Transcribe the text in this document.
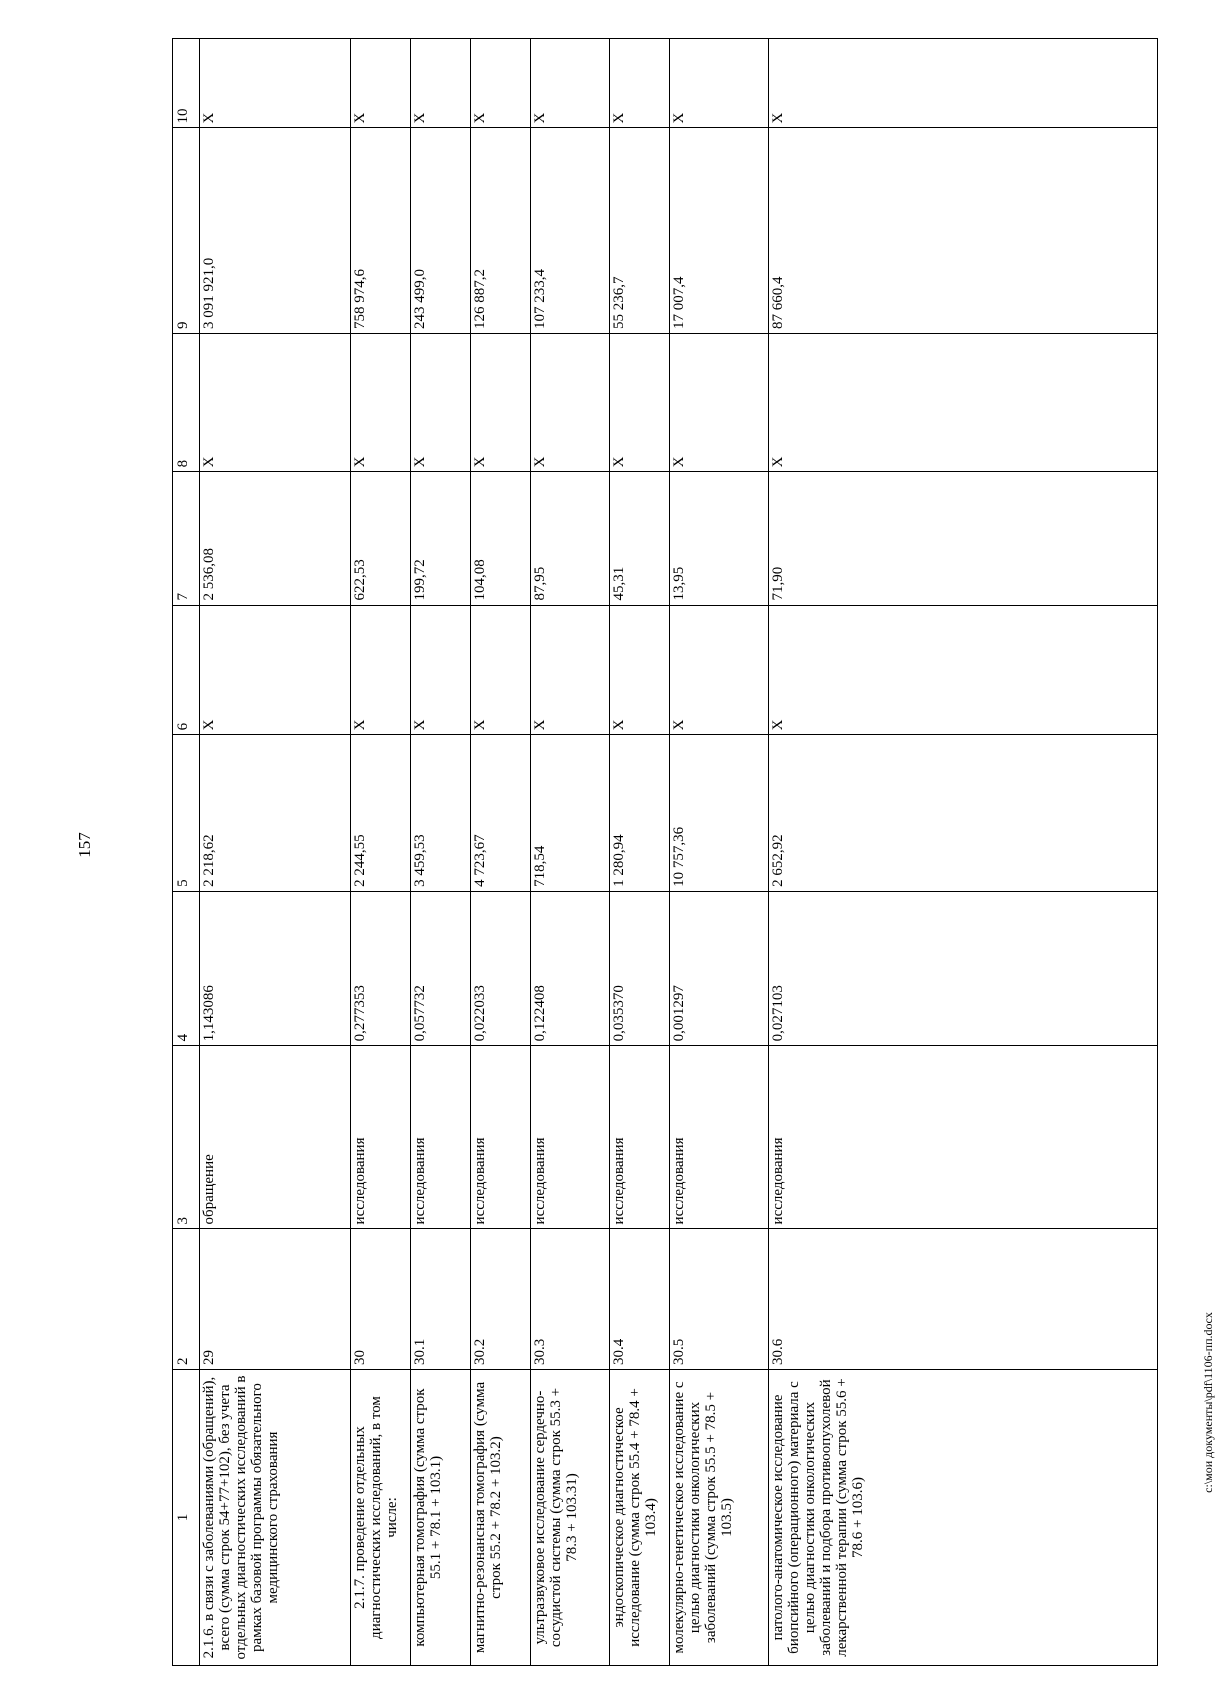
157
1	2	3	4	5	6	7	8	9	10
2.1.6. в связи с заболеваниями (обращений), всего (сумма строк 54+77+102), без учета отдельных диагностических исследований в рамках базовой программы обязательного медицинского страхования	29	обращение	1,143086	2 218,62	X	2 536,08	X	3 091 921,0	X
2.1.7. проведение отдельных диагностических исследований, в том числе:	30	исследования	0,277353	2 244,55	X	622,53	X	758 974,6	X
компьютерная томография (сумма строк 55.1 + 78.1 + 103.1)	30.1	исследования	0,057732	3 459,53	X	199,72	X	243 499,0	X
магнитно-резонансная томография (сумма строк 55.2 + 78.2 + 103.2)	30.2	исследования	0,022033	4 723,67	X	104,08	X	126 887,2	X
ультразвуковое исследование сердечно-сосудистой системы (сумма строк 55.3 + 78.3 + 103.31)	30.3	исследования	0,122408	718,54	X	87,95	X	107 233,4	X
эндоскопическое диагностическое исследование (сумма строк 55.4 + 78.4 + 103.4)	30.4	исследования	0,035370	1 280,94	X	45,31	X	55 236,7	X
молекулярно-генетическое исследование с целью диагностики онкологических заболеваний (сумма строк 55.5 + 78.5 + 103.5)	30.5	исследования	0,001297	10 757,36	X	13,95	X	17 007,4	X
патолого-анатомическое исследование биопсийного (операционного) материала с целью диагностики онкологических заболеваний и подбора противоопухолевой лекарственной терапии (сумма строк 55.6 + 78.6 + 103.6)	30.6	исследования	0,027103	2 652,92	X	71,90	X	87 660,4	X
c:\мои документы\pdf\1106-пп.docx
